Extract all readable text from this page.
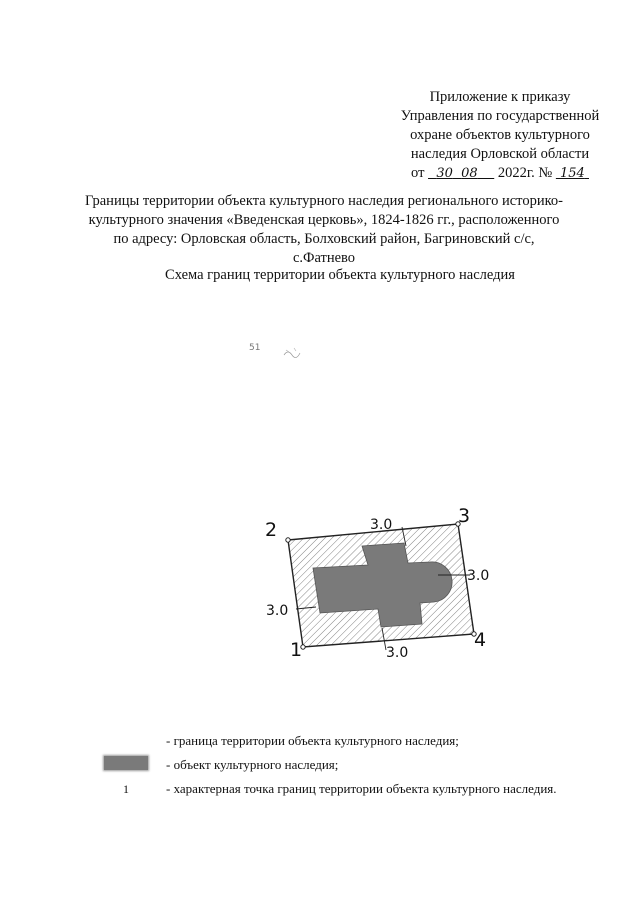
Приложение к приказу
Управления по государственной
охране объектов культурного
наследия Орловской области
от 30 08 2022г. № 154
Границы территории объекта культурного наследия регионального историко-культурного значения «Введенская церковь», 1824-1826 гг., расположенного по адресу: Орловская область, Болховский район, Багриновский с/с, с.Фатнево
Схема границ территории объекта культурного наследия
51
1
2
3
4
3.0
3.0
3.0
3.0
- граница территории объекта культурного наследия;
- объект культурного наследия;
1	- характерная точка границ территории объекта культурного наследия.
